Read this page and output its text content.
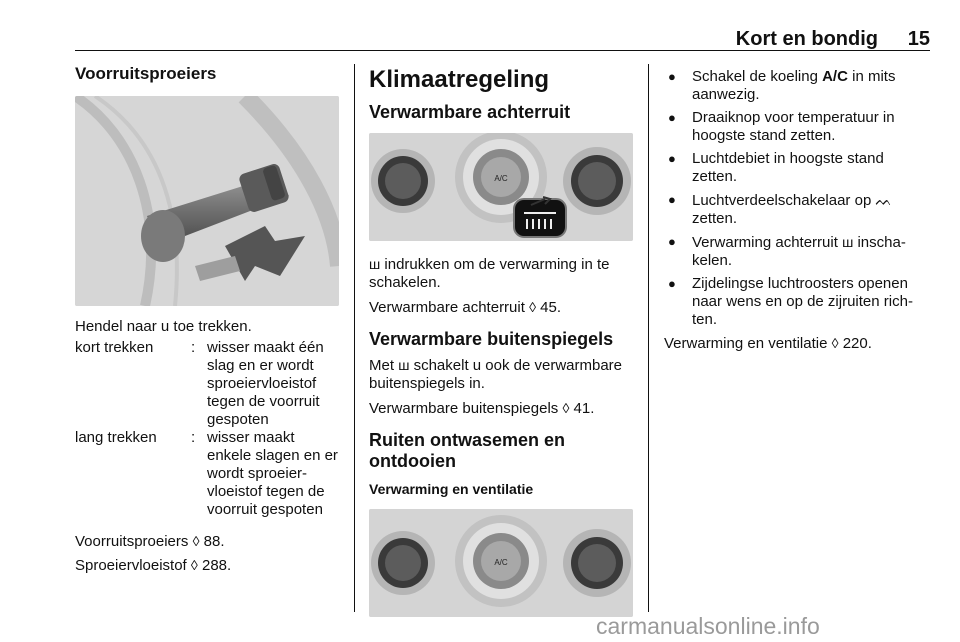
Kort en bondig 15
Voorruitsproeiers

Hendel naar u toe trekken.

kort trekken	: wisser maakt één slag en er wordt sproeiervloeistof tegen de voorruit gespoten
lang trekken	: wisser maakt enkele slagen en er wordt sproeiervloeistof tegen de voorruit gespoten

Voorruitsproeiers ◊ 88.

Sproeiervloeistof ◊ 288.

Klimaatregeling
Verwarmbare achterruit
A/C

ш indrukken om de verwarming in te schakelen.

Verwarmbare achterruit ◊ 45.

Verwarmbare buitenspiegels

Met ш schakelt u ook de verwarmbare buitenspiegels in.

Verwarmbare buitenspiegels ◊ 41.

Ruiten ontwasemen en ontdooien
Verwarming en ventilatie
A/C
● Schakel de koeling A/C in mits aanwezig.
● Draaiknop voor temperatuur in hoogste stand zetten.
● Luchtdebiet in hoogste stand zetten.
● Luchtverdeelschakelaar op ᨓ zetten.
● Verwarming achterruit ш inschakelen.
● Zijdelingse luchtroosters openen naar wens en op de zijruiten richten.

Verwarming en ventilatie ◊ 220.

carmanualsonline.info
